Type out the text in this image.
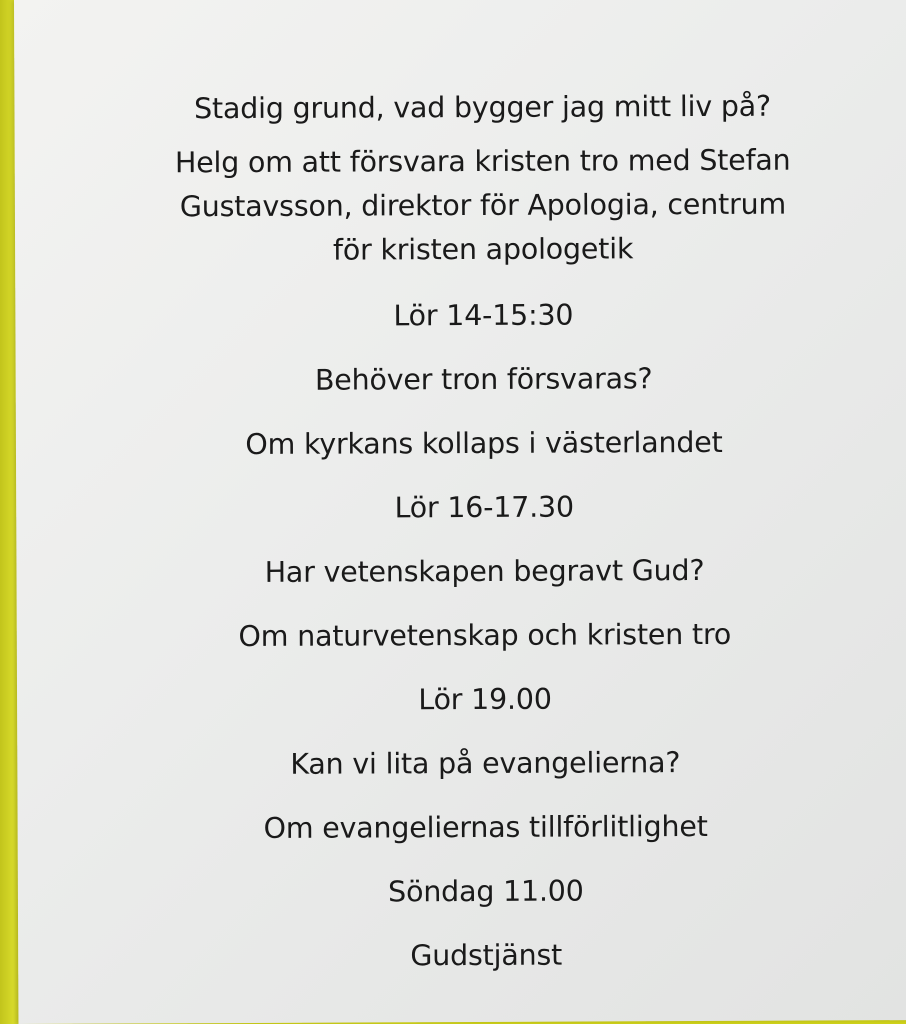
Stadig grund, vad bygger jag mitt liv på?
Helg om att försvara kristen tro med Stefan
Gustavsson, direktor för Apologia, centrum
för kristen apologetik
Lör 14-15:30
Behöver tron försvaras?
Om kyrkans kollaps i västerlandet
Lör 16-17.30
Har vetenskapen begravt Gud?
Om naturvetenskap och kristen tro
Lör 19.00
Kan vi lita på evangelierna?
Om evangeliernas tillförlitlighet
Söndag 11.00
Gudstjänst
